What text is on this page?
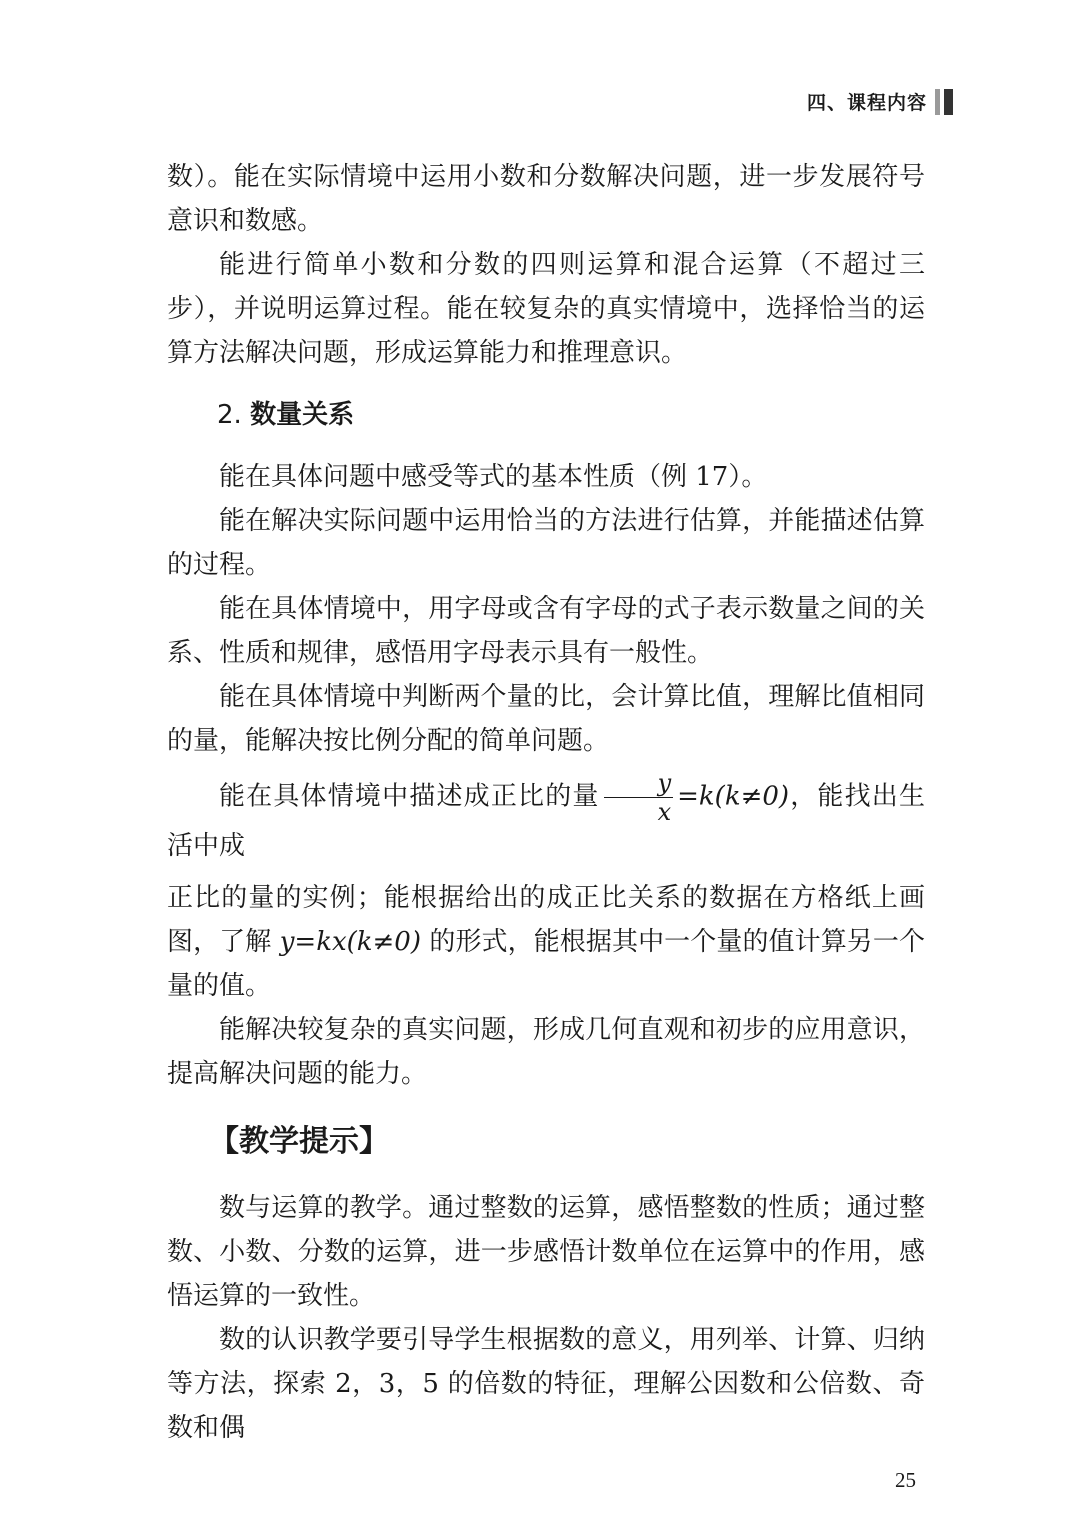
四、课程内容

数）。能在实际情境中运用小数和分数解决问题，进一步发展符号意识和数感。

能进行简单小数和分数的四则运算和混合运算（不超过三步），并说明运算过程。能在较复杂的真实情境中，选择恰当的运算方法解决问题，形成运算能力和推理意识。

2. 数量关系

能在具体问题中感受等式的基本性质（例 17）。

能在解决实际问题中运用恰当的方法进行估算，并能描述估算的过程。

能在具体情境中，用字母或含有字母的式子表示数量之间的关系、性质和规律，感悟用字母表示具有一般性。

能在具体情境中判断两个量的比，会计算比值，理解比值相同的量，能解决按比例分配的简单问题。

能在具体情境中描述成正比的量 $\frac{y}{x} =k(k\ne 0)$，能找出生活中成

正比的量的实例；能根据给出的成正比关系的数据在方格纸上画图，了解 y=kx(k≠0) 的形式，能根据其中一个量的值计算另一个量的值。

能解决较复杂的真实问题，形成几何直观和初步的应用意识，提高解决问题的能力。

【教学提示】

数与运算的教学。通过整数的运算，感悟整数的性质；通过整数、小数、分数的运算，进一步感悟计数单位在运算中的作用，感悟运算的一致性。

数的认识教学要引导学生根据数的意义，用列举、计算、归纳等方法，探索 2，3，5 的倍数的特征，理解公因数和公倍数、奇数和偶

25
